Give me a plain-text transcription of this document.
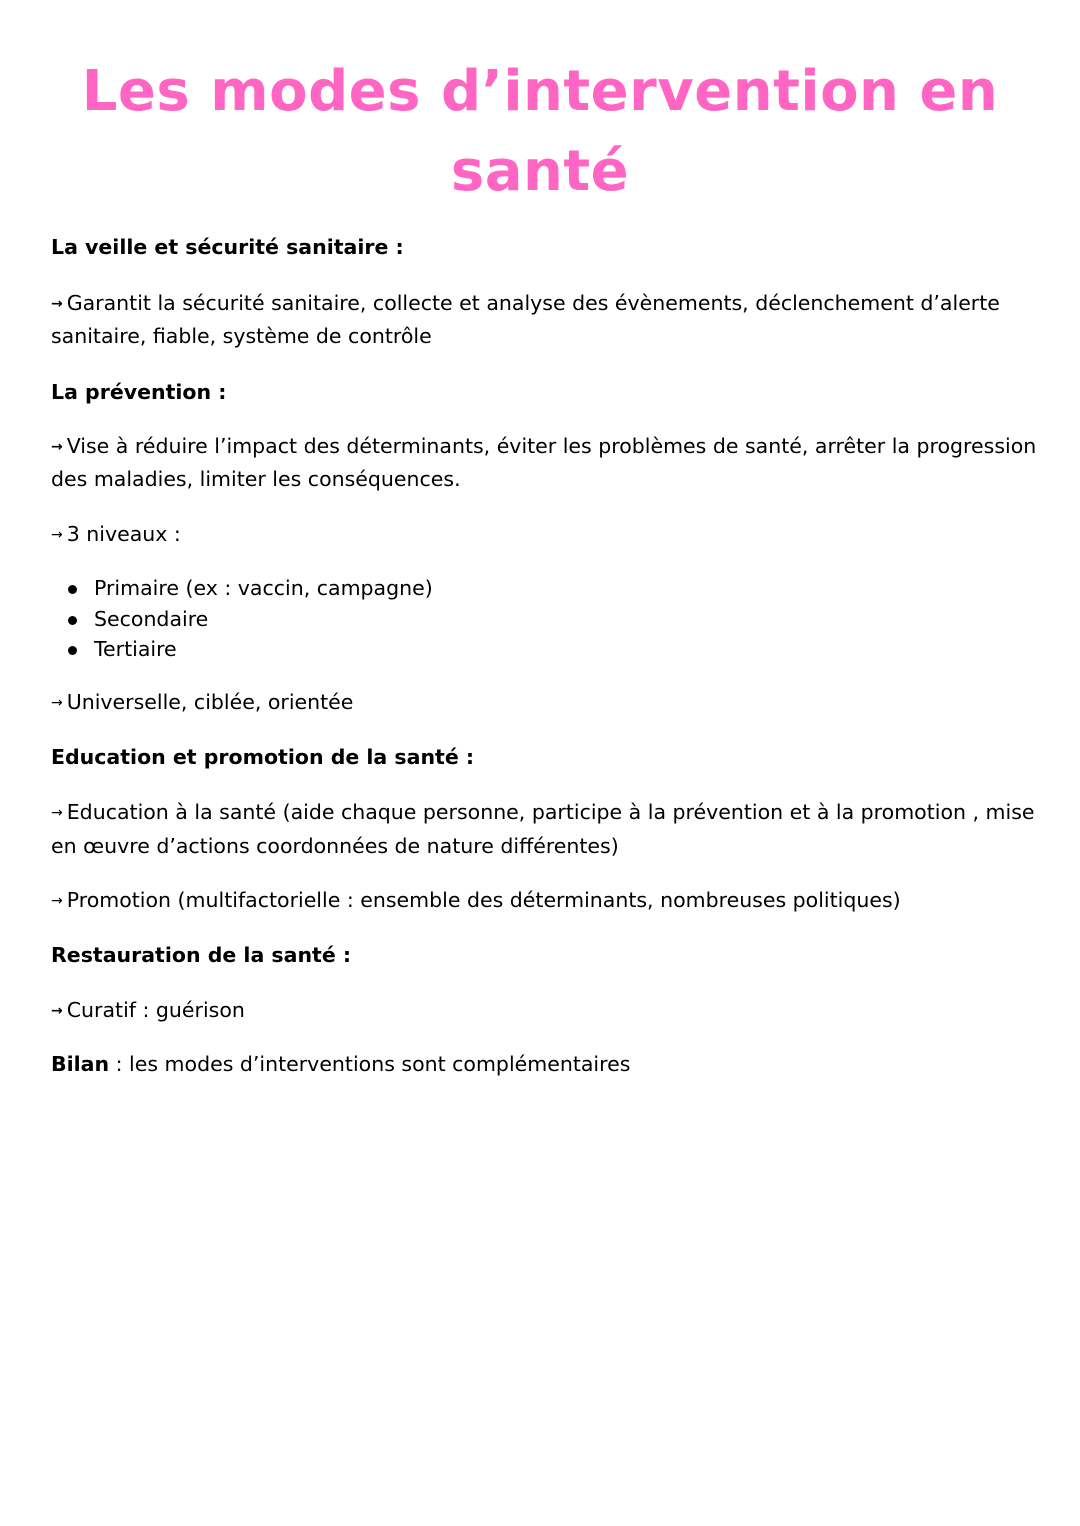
Les modes d’intervention en
santé

La veille et sécurité sanitaire :

→ Garantit la sécurité sanitaire, collecte et analyse des évènements, déclenchement d’alerte

sanitaire, fiable, système de contrôle

La prévention :

→ Vise à réduire l’impact des déterminants, éviter les problèmes de santé, arrêter la progression

des maladies, limiter les conséquences.

→ 3 niveaux :

Primaire (ex : vaccin, campagne)
Secondaire
Tertiaire

→ Universelle, ciblée, orientée

Education et promotion de la santé :

→ Education à la santé (aide chaque personne, participe à la prévention et à la promotion , mise

en œuvre d’actions coordonnées de nature différentes)

→ Promotion (multifactorielle : ensemble des déterminants, nombreuses politiques)

Restauration de la santé :

→ Curatif : guérison

Bilan : les modes d’interventions sont complémentaires
